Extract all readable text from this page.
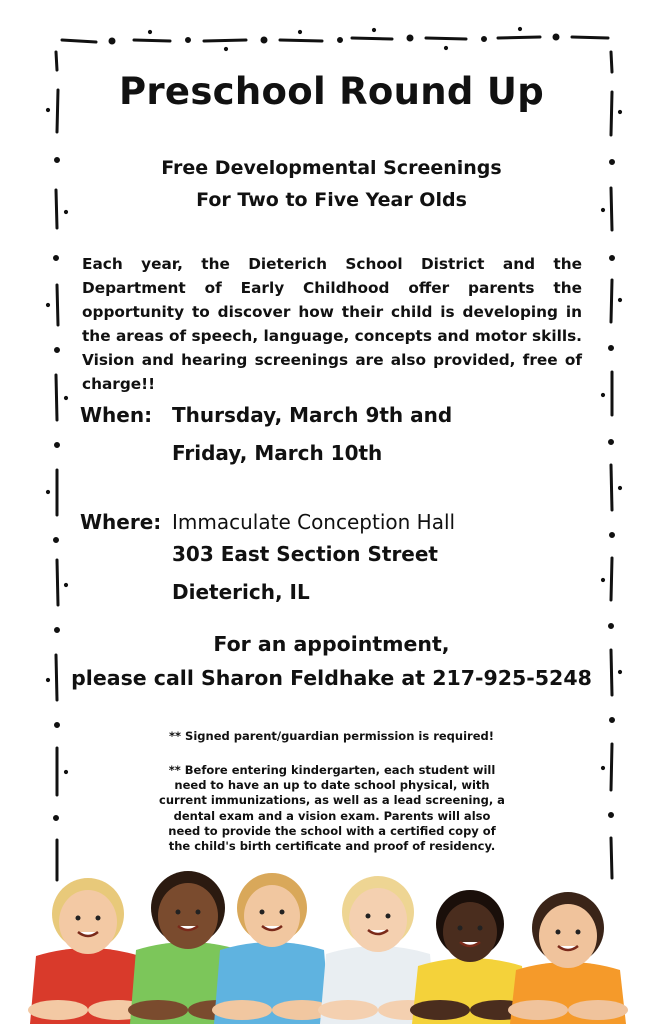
Preschool Round Up
Free Developmental Screenings
For Two to Five Year Olds
Each year, the Dieterich School District and the Department of Early Childhood offer parents the opportunity to discover how their child is developing in the areas of speech, language, concepts and motor skills. Vision and hearing screenings are also provided, free of charge!!
When: Thursday, March 9th and
Friday, March 10th
Where: Immaculate Conception Hall
303 East Section Street
Dieterich, IL
For an appointment,
please call Sharon Feldhake at 217-925-5248
** Signed parent/guardian permission is required!
** Before entering kindergarten, each student will need to have an up to date school physical, with current immunizations, as well as a lead screening, a dental exam and a vision exam. Parents will also need to provide the school with a certified copy of the child's birth certificate and proof of residency.
